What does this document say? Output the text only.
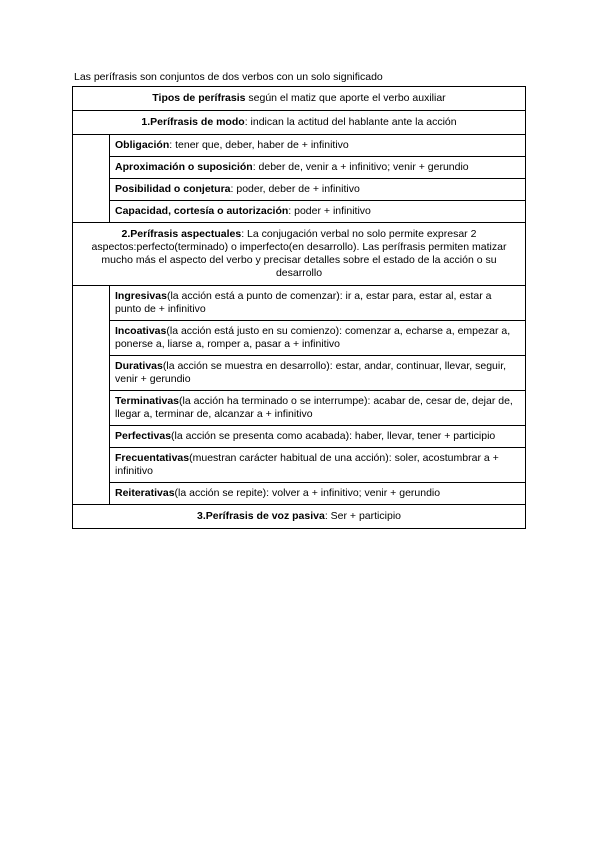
Las perífrasis son conjuntos de dos verbos con un solo significado
Tipos de perífrasis según el matiz que aporte el verbo auxiliar
1.Perífrasis de modo: indican la actitud del hablante ante la acción
Obligación: tener que, deber, haber de + infinitivo
Aproximación o suposición: deber de, venir a + infinitivo; venir + gerundio
Posibilidad o conjetura: poder, deber de + infinitivo
Capacidad, cortesía o autorización: poder + infinitivo
2.Perífrasis aspectuales: La conjugación verbal no solo permite expresar 2 aspectos:perfecto(terminado) o imperfecto(en desarrollo). Las perífrasis permiten matizar mucho más el aspecto del verbo y precisar detalles sobre el estado de la acción o su desarrollo
Ingresivas(la acción está a punto de comenzar): ir a, estar para, estar al, estar a punto de + infinitivo
Incoativas(la acción está justo en su comienzo): comenzar a, echarse a, empezar a, ponerse a, liarse a, romper a, pasar a + infinitivo
Durativas(la acción se muestra en desarrollo): estar, andar, continuar, llevar, seguir, venir + gerundio
Terminativas(la acción ha terminado o se interrumpe): acabar de, cesar de, dejar de, llegar a, terminar de, alcanzar a + infinitivo
Perfectivas(la acción se presenta como acabada): haber, llevar, tener + participio
Frecuentativas(muestran carácter habitual de una acción): soler, acostumbrar a + infinitivo
Reiterativas(la acción se repite): volver a + infinitivo; venir + gerundio
3.Perífrasis de voz pasiva: Ser + participio
